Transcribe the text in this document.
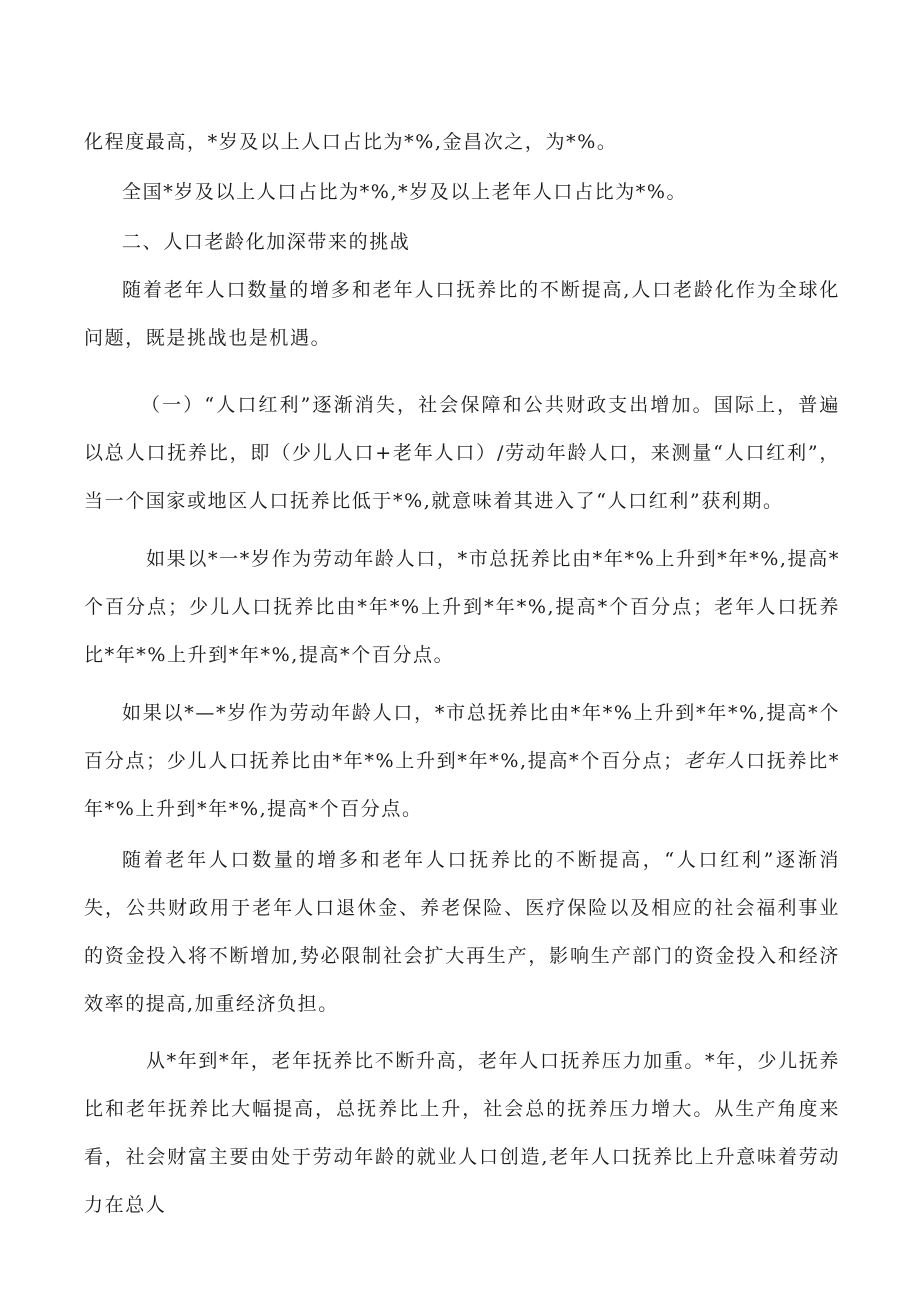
化程度最高，*岁及以上人口占比为*%,金昌次之，为*%。

全国*岁及以上人口占比为*%,*岁及以上老年人口占比为*%。

二、人口老龄化加深带来的挑战

随着老年人口数量的增多和老年人口抚养比的不断提高,人口老龄化作为全球化问题，既是挑战也是机遇。

（一）“人口红利”逐渐消失，社会保障和公共财政支出增加。国际上，普遍以总人口抚养比，即（少儿人口+老年人口）/劳动年龄人口，来测量“人口红利”，当一个国家或地区人口抚养比低于*%,就意味着其进入了“人口红利”获利期。

如果以*一*岁作为劳动年龄人口，*市总抚养比由*年*%上升到*年*%,提高*个百分点；少儿人口抚养比由*年*%上升到*年*%,提高*个百分点；老年人口抚养比*年*%上升到*年*%,提高*个百分点。

如果以*—*岁作为劳动年龄人口，*市总抚养比由*年*%上升到*年*%,提高*个百分点；少儿人口抚养比由*年*%上升到*年*%,提高*个百分点；老年人口抚养比*年*%上升到*年*%,提高*个百分点。

随着老年人口数量的增多和老年人口抚养比的不断提高，“人口红利”逐渐消失，公共财政用于老年人口退休金、养老保险、医疗保险以及相应的社会福利事业的资金投入将不断增加,势必限制社会扩大再生产，影响生产部门的资金投入和经济效率的提高,加重经济负担。

从*年到*年，老年抚养比不断升高，老年人口抚养压力加重。*年，少儿抚养比和老年抚养比大幅提高，总抚养比上升，社会总的抚养压力增大。从生产角度来看，社会财富主要由处于劳动年龄的就业人口创造,老年人口抚养比上升意味着劳动力在总人
